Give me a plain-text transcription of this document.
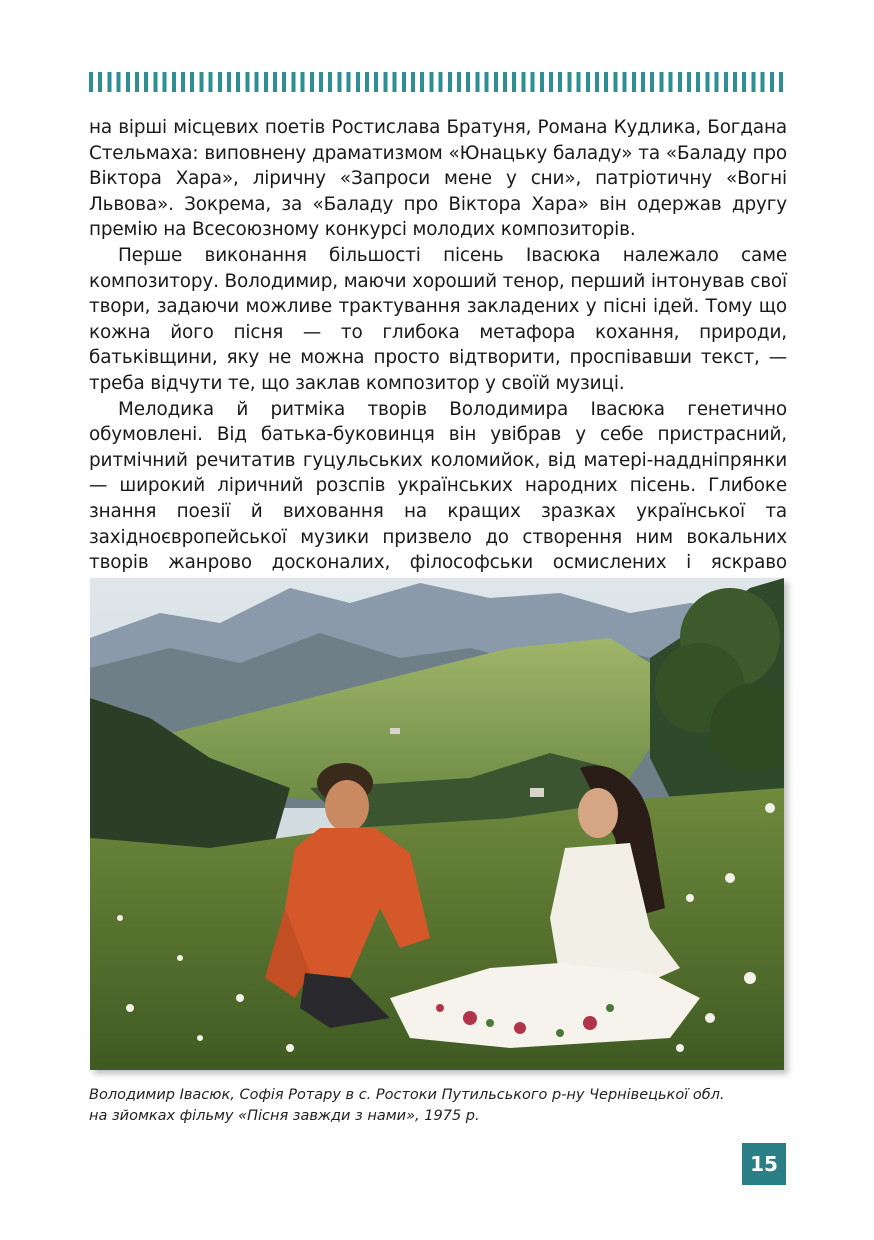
на вірші місцевих поетів Ростислава Братуня, Романа Кудлика, Богдана Стельмаха: виповнену драматизмом «Юнацьку баладу» та «Баладу про Віктора Хара», ліричну «Запроси мене у сни», патріотичну «Вогні Львова». Зокрема, за «Баладу про Віктора Хара» він одержав другу премію на Всесоюзному конкурсі молодих композиторів.

Перше виконання більшості пісень Івасюка належало саме композитору. Володимир, маючи хороший тенор, перший інтонував свої твори, задаючи можливе трактування закладених у пісні ідей. Тому що кожна його пісня — то глибока метафора кохання, природи, батьківщини, яку не можна просто відтворити, проспівавши текст, — треба відчути те, що заклав композитор у своїй музиці.

Мелодика й ритміка творів Володимира Івасюка генетично обумовлені. Від батька-буковинця він увібрав у себе пристрасний, ритмічний речитатив гуцульських коломийок, від матері-наддніпрянки — широкий ліричний розспів українських народних пісень. Глибоке знання поезії й виховання на кращих зразках української та західноєвропейської музики призвело до створення ним вокальних творів жанрово досконалих, філософськи осмислених і яскраво

Володимир Івасюк, Софія Ротару в с. Ростоки Путильського р-ну Чернівецької обл.
на зйомках фільму «Пісня завжди з нами», 1975 р.
15
